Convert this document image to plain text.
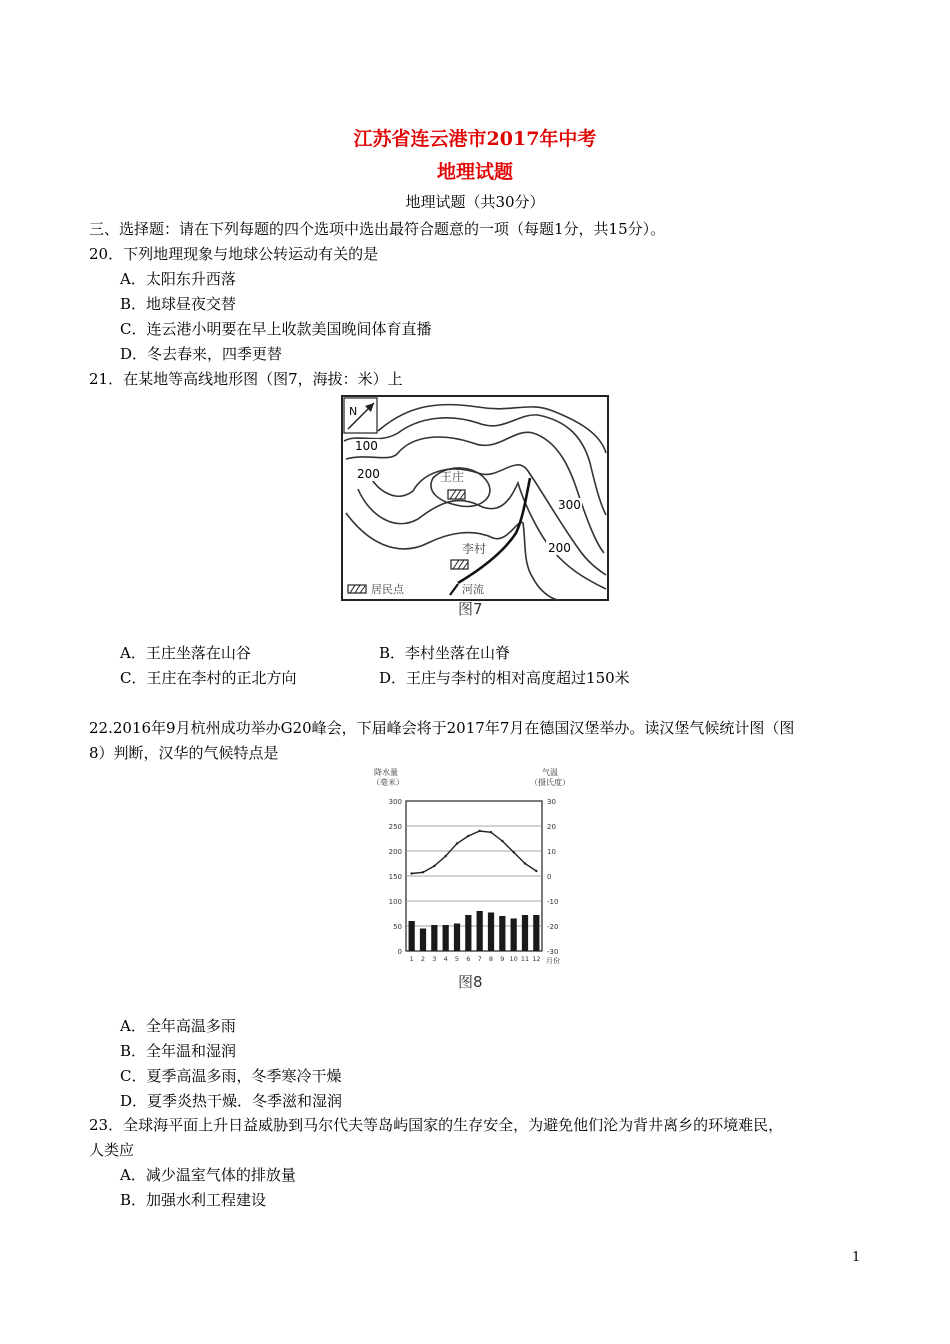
江苏省连云港市2017年中考
地理试题
地理试题（共30分）
三、选择题：请在下列每题的四个选项中选出最符合题意的一项（每题1分，共15分）。
20．下列地理现象与地球公转运动有关的是
A．太阳东升西落
B．地球昼夜交替
C．连云港小明要在早上收款美国晚间体育直播
D．冬去春来，四季更替
21．在某地等高线地形图（图7，海拔：米）上
N
100
200
300
200
王庄
李村
居民点	河流
图7
A．王庄坐落在山谷	B．李村坐落在山脊
C．王庄在李村的正北方向	D．王庄与李村的相对高度超过150米
22.2016年9月杭州成功举办G20峰会，下届峰会将于2017年7月在德国汉堡举办。读汉堡气候统计图（图
8）判断，汉华的气候特点是
降水量
（毫米）
气温
（摄氏度）
0
50
100
150
200
250
300
-30
-20
-10
0
10
20
30
1 2 3 4 5 6 7 8 9 10 11 12 月份
图8
A．全年高温多雨
B．全年温和湿润
C．夏季高温多雨，冬季寒冷干燥
D．夏季炎热干燥．冬季滋和湿润
23．全球海平面上升日益威胁到马尔代夫等岛屿国家的生存安全，为避免他们沦为背井离乡的环境难民，
人类应
A．减少温室气体的排放量
B．加强水利工程建设
1
